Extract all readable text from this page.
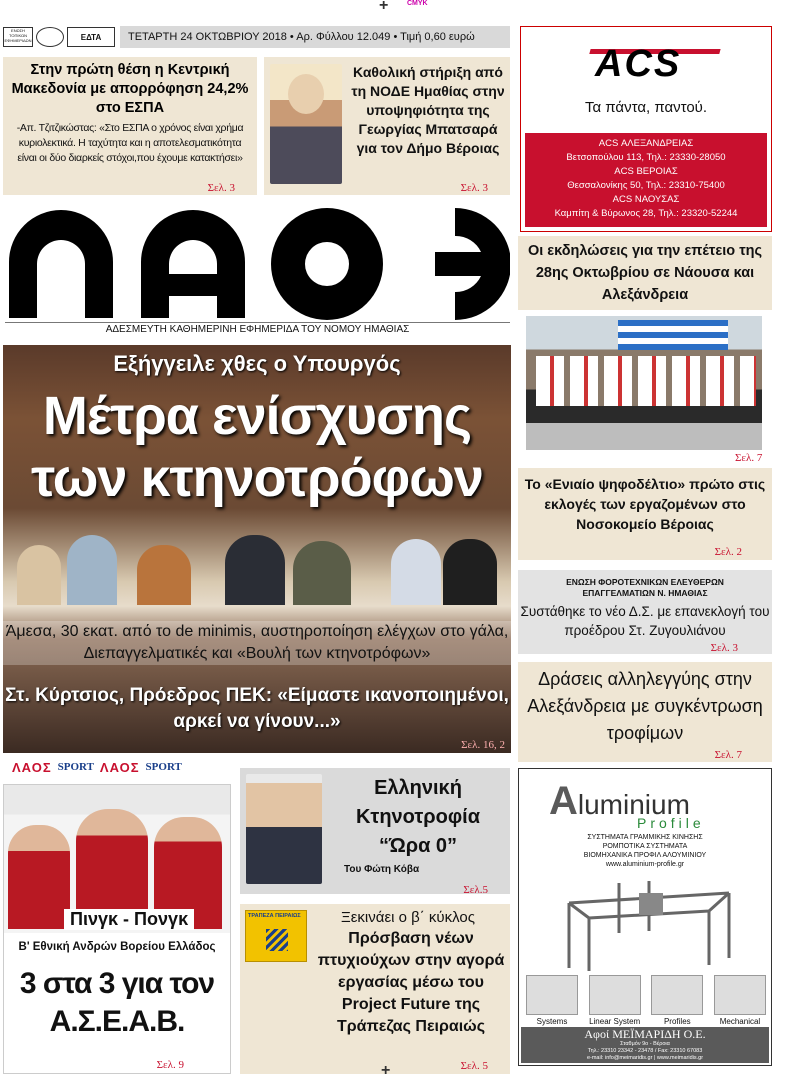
+	CMYK
ΕΝΩΣΗ ΤΟΠΙΚΩΝ ΕΦΗΜΕΡΙΔΩΝ	ΕΔΤΑ	ΤΕΤΑΡΤΗ 24 ΟΚΤΩΒΡΙΟΥ 2018 • Αρ. Φύλλου 12.049 • Τιμή 0,60 ευρώ
Στην πρώτη θέση η Κεντρική Μακεδονία με απορρόφηση 24,2% στο ΕΣΠΑ
-Απ. Τζιτζικώστας: «Στο ΕΣΠΑ ο χρόνος είναι χρήμα κυριολεκτικά. Η ταχύτητα και η αποτελεσματικότητα είναι οι δύο διαρκείς στόχοι,που έχουμε κατακτήσει»
Σελ. 3
Καθολική στήριξη από τη ΝΟΔΕ Ημαθίας στην υποψηφιότητα της Γεωργίας Μπατσαρά για τον Δήμο Βέροιας
Σελ. 3
ACS
Τα πάντα, παντού.
ACS ΑΛΕΞΑΝΔΡΕΙΑΣ
Βετσοπούλου 113, Τηλ.: 23330-28050
ACS ΒΕΡΟΙΑΣ
Θεσσαλονίκης 50, Τηλ.: 23310-75400
ACS ΝΑΟΥΣΑΣ
Καμπίτη & Βύρωνος 28, Τηλ.: 23320-52244
ΑΔΕΣΜΕΥΤΗ ΚΑΘΗΜΕΡΙΝΗ ΕΦΗΜΕΡΙΔΑ ΤΟΥ ΝΟΜΟΥ ΗΜΑΘΙΑΣ
Οι εκδηλώσεις για την επέτειο της 28ης Οκτωβρίου σε Νάουσα και Αλεξάνδρεια
Σελ. 7
Εξήγγειλε χθες ο Υπουργός
Μέτρα ενίσχυσης
των κτηνοτρόφων
Άμεσα, 30 εκατ. από το de minimis, αυστηροποίηση ελέγχων στο γάλα,
Διεπαγγελματικές και «Βουλή των κτηνοτρόφων»
Στ. Κύρτσιος, Πρόεδρος ΠΕΚ: «Είμαστε ικανοποιημένοι,
αρκεί να γίνουν...»
Σελ. 16, 2
Το «Ενιαίο ψηφοδέλτιο» πρώτο στις εκλογές των εργαζομένων στο Νοσοκομείο Βέροιας
Σελ. 2
ΕΝΩΣΗ ΦΟΡΟΤΕΧΝΙΚΩΝ ΕΛΕΥΘΕΡΩΝ
ΕΠΑΓΓΕΛΜΑΤΙΩΝ Ν. ΗΜΑΘΙΑΣ
Συστάθηκε το νέο Δ.Σ. με επανεκλογή του προέδρου Στ. Ζυγουλιάνου
Σελ. 3
Δράσεις αλληλεγγύης στην Αλεξάνδρεια με συγκέντρωση τροφίμων
Σελ. 7
ΛΑΟΣ SPORT ΛΑΟΣ SPORT
Πινγκ - Πονγκ
Β' Εθνική Ανδρών Βορείου Ελλάδος
3 στα 3 για τον Α.Σ.Ε.Α.Β.
Σελ. 9
Ελληνική
Κτηνοτροφία
“Ώρα 0”
Του Φώτη Κόβα
Σελ.5
ΤΡΑΠΕΖΑ ΠΕΙΡΑΙΩΣ	Ξεκινάει ο β΄ κύκλος
Πρόσβαση νέων πτυχιούχων στην αγορά εργασίας μέσω του Project Future της Τράπεζας Πειραιώς
Σελ. 5
A luminium
Profile
ΣΥΣΤΗΜΑΤΑ ΓΡΑΜΜΙΚΗΣ ΚΙΝΗΣΗΣ
ΡΟΜΠΟΤΙΚΑ ΣΥΣΤΗΜΑΤΑ
ΒΙΟΜΗΧΑΝΙΚΑ ΠΡΟΦΙΛ ΑΛΟΥΜΙΝΙΟΥ
www.aluminium-profile.gr
Systems	Linear System	Profiles	Mechanical
Αφοί ΜΕΪΜΑΡΙΔΗ Ο.Ε.
Σταθμόν 9ο - Βέροια
Τηλ.: 23310 23342 - 23478 / Fax: 23310 67083
e-mail: info@meimaridis.gr | www.meimaridis.gr
+
